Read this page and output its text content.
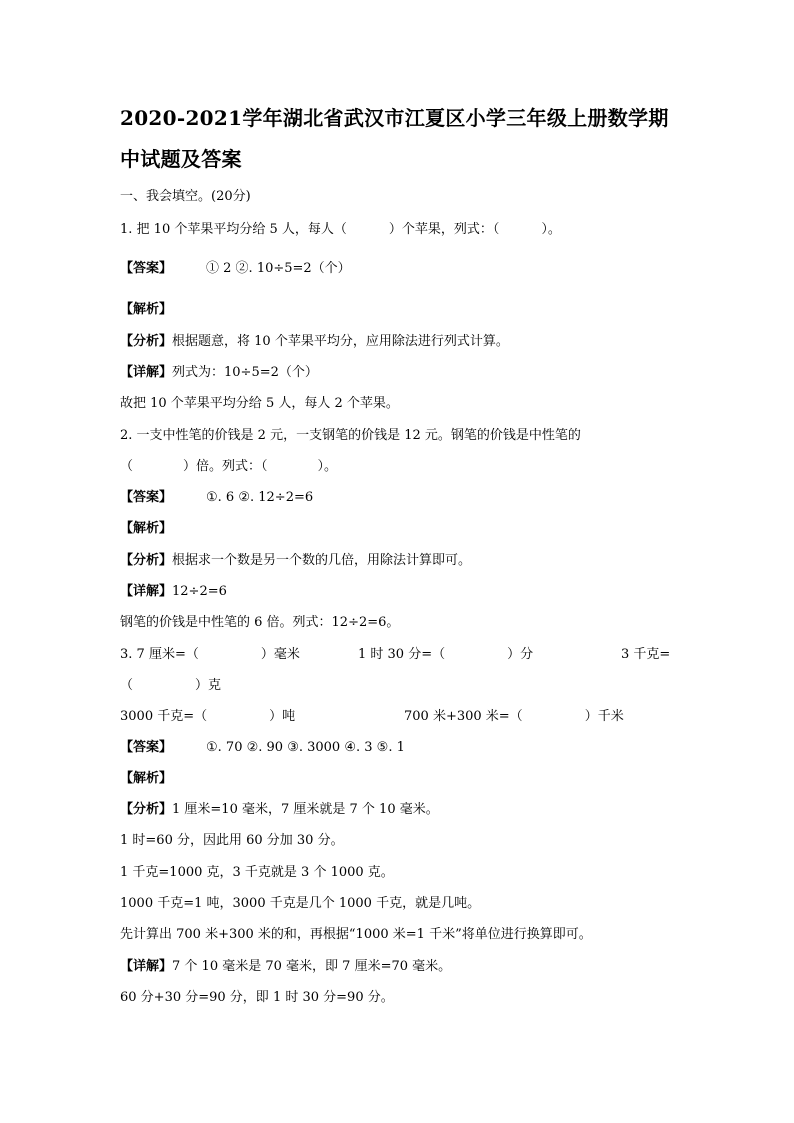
2020-2021学年湖北省武汉市江夏区小学三年级上册数学期
中试题及答案
一、我会填空。(20分)
1. 把 10 个苹果平均分给 5 人，每人（	）个苹果，列式：（	）。
【答案】	① 2 ②. 10÷5=2（个）
【解析】
【分析】根据题意，将 10 个苹果平均分，应用除法进行列式计算。
【详解】列式为：10÷5=2（个）
故把 10 个苹果平均分给 5 人，每人 2 个苹果。
2. 一支中性笔的价钱是 2 元，一支钢笔的价钱是 12 元。钢笔的价钱是中性笔的
（	）倍。列式：（	）。
【答案】	①. 6 ②. 12÷2=6
【解析】
【分析】根据求一个数是另一个数的几倍，用除法计算即可。
【详解】12÷2=6
钢笔的价钱是中性笔的 6 倍。列式：12÷2=6。
3. 7 厘米=（	）毫米	1 时 30 分=（	）分	3 千克=
（	）克
3000 千克=（	）吨	700 米+300 米=（	）千米
【答案】	①. 70 ②. 90 ③. 3000 ④. 3 ⑤. 1
【解析】
【分析】1 厘米=10 毫米，7 厘米就是 7 个 10 毫米。
1 时=60 分，因此用 60 分加 30 分。
1 千克=1000 克，3 千克就是 3 个 1000 克。
1000 千克=1 吨，3000 千克是几个 1000 千克，就是几吨。
先计算出 700 米+300 米的和，再根据“1000 米=1 千米”将单位进行换算即可。
【详解】7 个 10 毫米是 70 毫米，即 7 厘米=70 毫米。
60 分+30 分=90 分，即 1 时 30 分=90 分。
